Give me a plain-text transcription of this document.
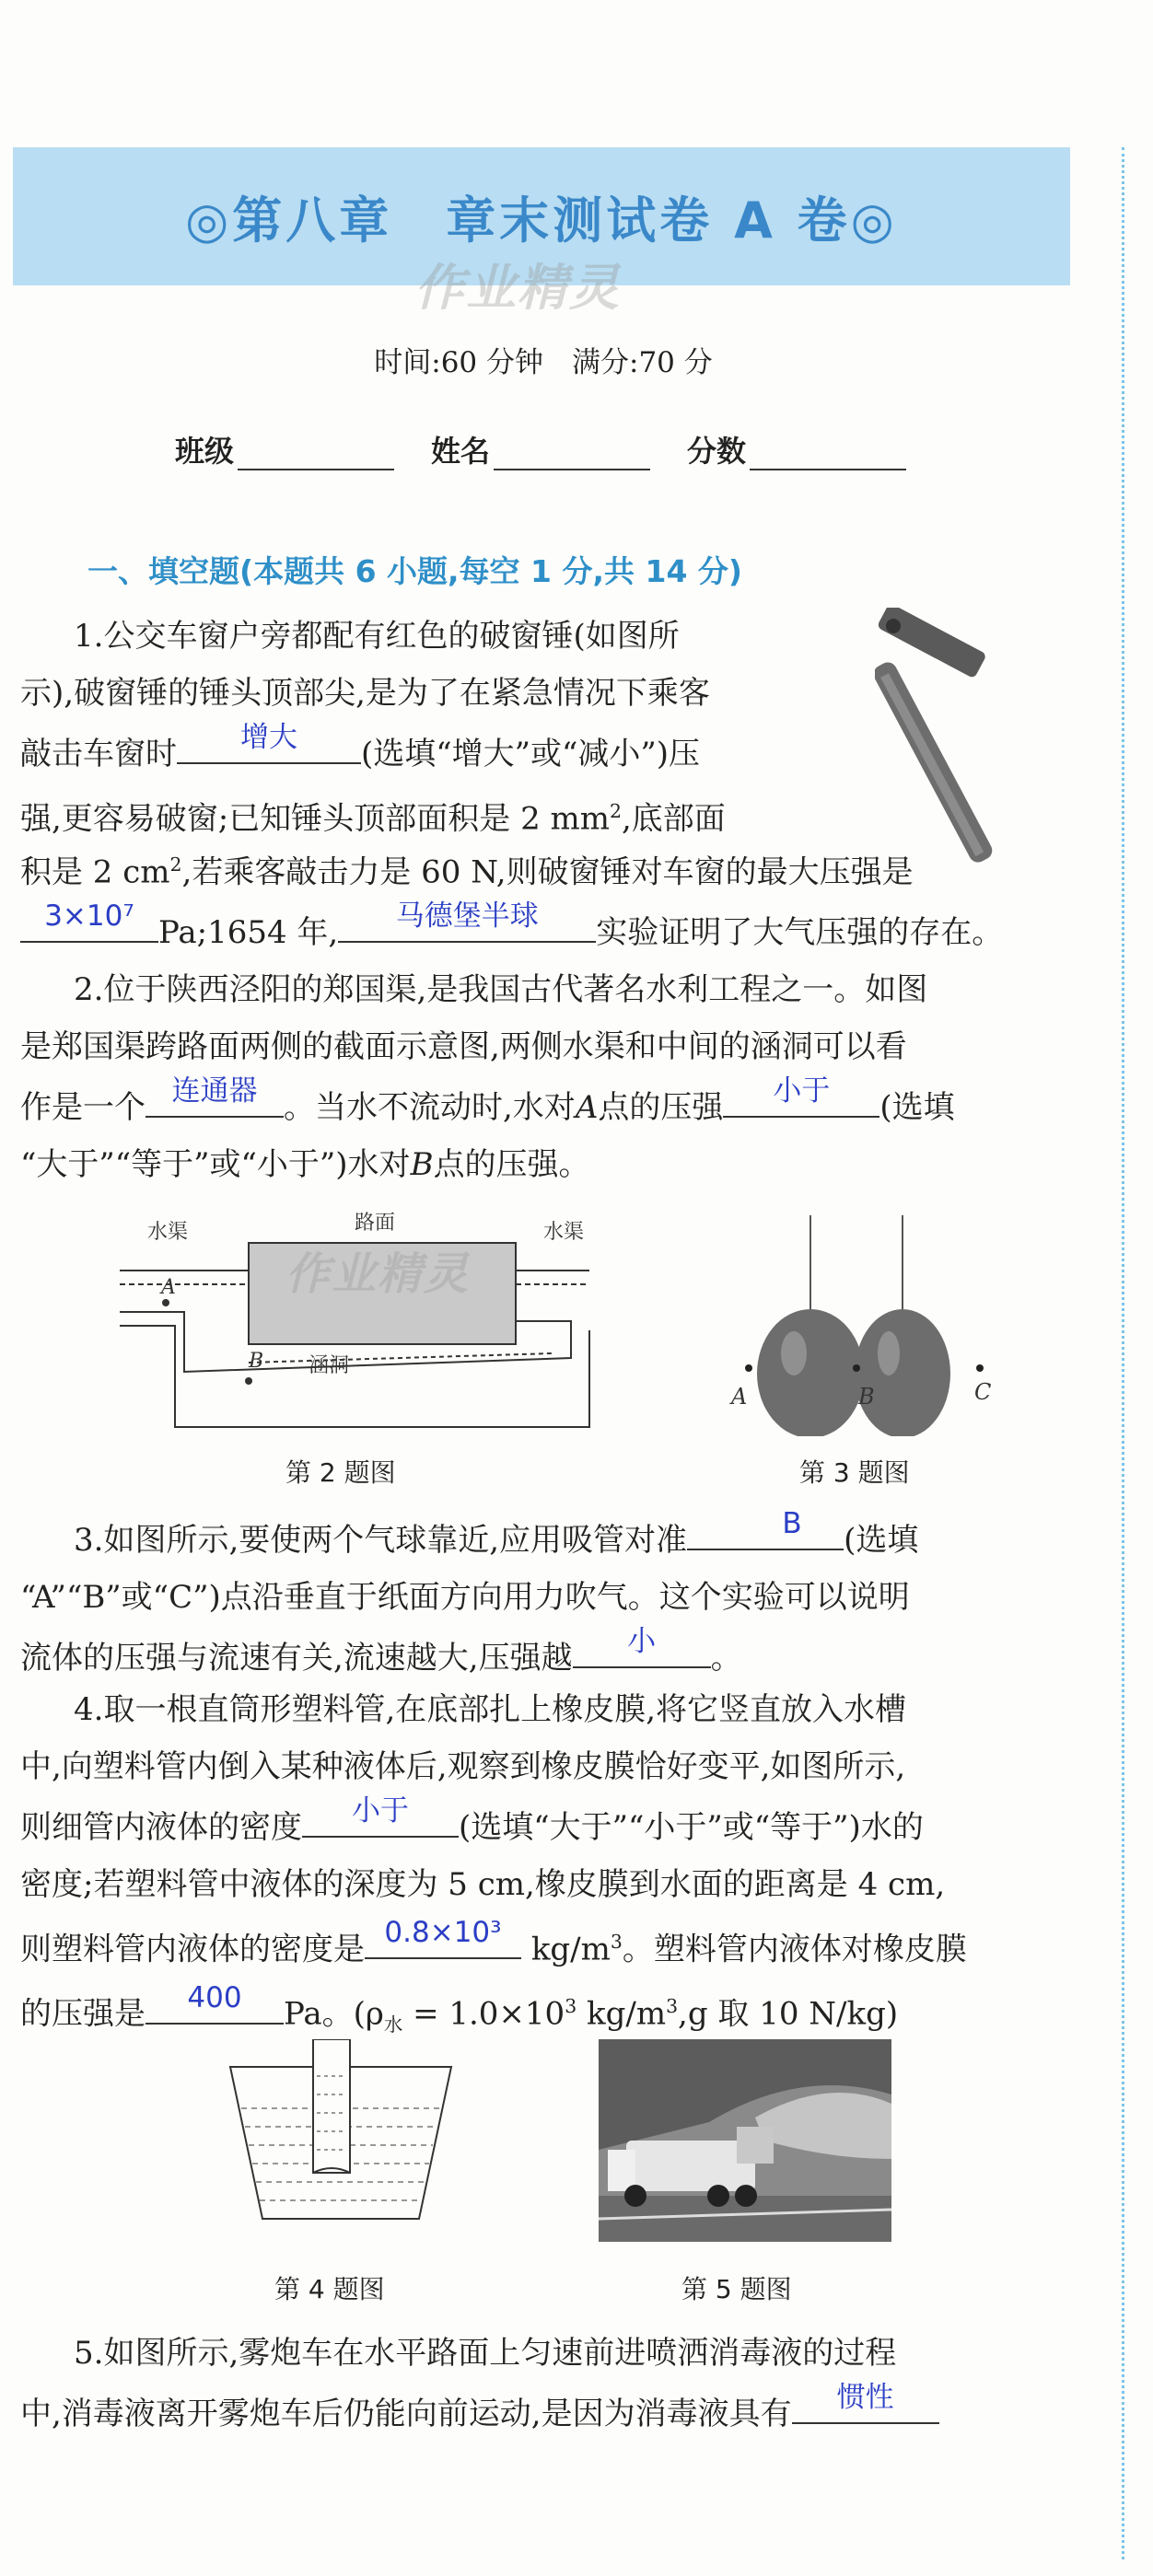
◎第八章　章末测试卷 A 卷◎
作业精灵
时间:60 分钟　满分:70 分
班级	姓名	分数
一、填空题(本题共 6 小题,每空 1 分,共 14 分)
1.公交车窗户旁都配有红色的破窗锤(如图所
示),破窗锤的锤头顶部尖,是为了在紧急情况下乘客
敲击车窗时	增大	(选填“增大”或“减小”)压
强,更容易破窗;已知锤头顶部面积是 2 $mm^2$,底部面
积是 2 $cm^2$,若乘客敲击力是 60 N,则破窗锤对车窗的最大压强是
3×10⁷ Pa;1654 年,	马德堡半球	实验证明了大气压强的存在。
2.位于陕西泾阳的郑国渠,是我国古代著名水利工程之一。如图
是郑国渠跨路面两侧的截面示意图,两侧水渠和中间的涵洞可以看
作是一个 连通器 。当水不流动时,水对A点的压强	小于	(选填
“大于”“等于”或“小于”)水对B点的压强。
水渠	水渠
路面
涵洞
A
B
作业精灵
第 2 题图
A	B	C
第 3 题图
3.如图所示,要使两个气球靠近,应用吸管对准	B	(选填
“A”“B”或“C”)点沿垂直于纸面方向用力吹气。这个实验可以说明
流体的压强与流速有关,流速越大,压强越	小	。
4.取一根直筒形塑料管,在底部扎上橡皮膜,将它竖直放入水槽
中,向塑料管内倒入某种液体后,观察到橡皮膜恰好变平,如图所示,
则细管内液体的密度	小于	(选填“大于”“小于”或“等于”)水的
密度;若塑料管中液体的深度为 5 cm,橡皮膜到水面的距离是 4 cm,
则塑料管内液体的密度是 0.8×10³ $kg/m^3$。塑料管内液体对橡皮膜
的压强是	400	Pa。($\rho_水 = 1.0\times 10^3$ $kg/m^3,g$ 取 10 N/kg)
第 4 题图	第 5 题图
5.如图所示,雾炮车在水平路面上匀速前进喷洒消毒液的过程
中,消毒液离开雾炮车后仍能向前运动,是因为消毒液具有	惯性
